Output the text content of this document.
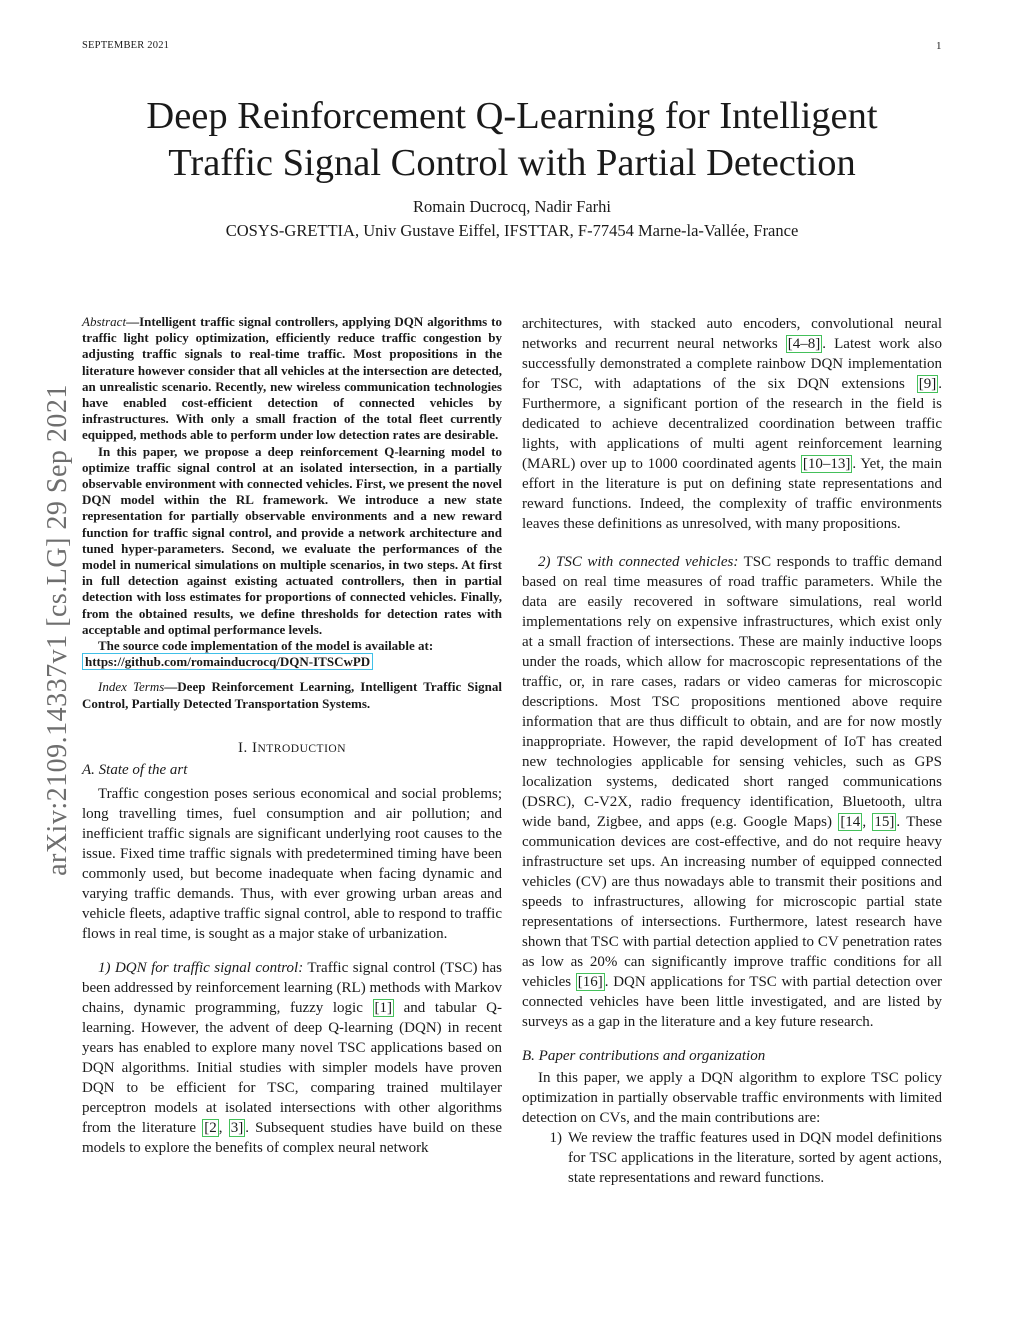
SEPTEMBER 2021	1
arXiv:2109.14337v1 [cs.LG] 29 Sep 2021
Deep Reinforcement Q-Learning for Intelligent
Traffic Signal Control with Partial Detection
Romain Ducrocq, Nadir Farhi
COSYS-GRETTIA, Univ Gustave Eiffel, IFSTTAR, F-77454 Marne-la-Vallée, France

Abstract—Intelligent traffic signal controllers, applying DQN algorithms to traffic light policy optimization, efficiently reduce traffic congestion by adjusting traffic signals to real-time traffic. Most propositions in the literature however consider that all vehicles at the intersection are detected, an unrealistic scenario. Recently, new wireless communication technologies have enabled cost-efficient detection of connected vehicles by infrastructures. With only a small fraction of the total fleet currently equipped, methods able to perform under low detection rates are desirable.

In this paper, we propose a deep reinforcement Q-learning model to optimize traffic signal control at an isolated intersection, in a partially observable environment with connected vehicles. First, we present the novel DQN model within the RL framework. We introduce a new state representation for partially observable environments and a new reward function for traffic signal control, and provide a network architecture and tuned hyper-parameters. Second, we evaluate the performances of the model in numerical simulations on multiple scenarios, in two steps. At first in full detection against existing actuated controllers, then in partial detection with loss estimates for proportions of connected vehicles. Finally, from the obtained results, we define thresholds for detection rates with acceptable and optimal performance levels.

The source code implementation of the model is available at:
https://github.com/romainducrocq/DQN-ITSCwPD

Index Terms—Deep Reinforcement Learning, Intelligent Traffic Signal Control, Partially Detected Transportation Systems.

I. INTRODUCTION

A. State of the art

Traffic congestion poses serious economical and social problems; long travelling times, fuel consumption and air pollution; and inefficient traffic signals are significant underlying root causes to the issue. Fixed time traffic signals with predetermined timing have been commonly used, but become inadequate when facing dynamic and varying traffic demands. Thus, with ever growing urban areas and vehicle fleets, adaptive traffic signal control, able to respond to traffic flows in real time, is sought as a major stake of urbanization.

1) DQN for traffic signal control: Traffic signal control (TSC) has been addressed by reinforcement learning (RL) methods with Markov chains, dynamic programming, fuzzy logic [1] and tabular Q-learning. However, the advent of deep Q-learning (DQN) in recent years has enabled to explore many novel TSC applications based on DQN algorithms. Initial studies with simpler models have proven DQN to be efficient for TSC, comparing trained multilayer perceptron models at isolated intersections with other algorithms from the literature [2 , 3] . Subsequent studies have build on these models to explore the benefits of complex neural network

architectures, with stacked auto encoders, convolutional neural networks and recurrent neural networks [4–8] . Latest work also successfully demonstrated a complete rainbow DQN implementation for TSC, with adaptations of the six DQN extensions [9] . Furthermore, a significant portion of the research in the field is dedicated to achieve decentralized coordination between traffic lights, with applications of multi agent reinforcement learning (MARL) over up to 1000 coordinated agents [10–13] . Yet, the main effort in the literature is put on defining state representations and reward functions. Indeed, the complexity of traffic environments leaves these definitions as unresolved, with many propositions.

2) TSC with connected vehicles: TSC responds to traffic demand based on real time measures of road traffic parameters. While the data are easily recovered in software simulations, real world implementations rely on expensive infrastructures, which exist only at a small fraction of intersections. These are mainly inductive loops under the roads, which allow for macroscopic representations of the traffic, or, in rare cases, radars or video cameras for microscopic descriptions. Most TSC propositions mentioned above require information that are thus difficult to obtain, and are for now mostly inappropriate. However, the rapid development of IoT has created new technologies applicable for sensing vehicles, such as GPS localization systems, dedicated short ranged communications (DSRC), C-V2X, radio frequency identification, Bluetooth, ultra wide band, Zigbee, and apps (e.g. Google Maps) [14 , 15] . These communication devices are cost-effective, and do not require heavy infrastructure set ups. An increasing number of equipped connected vehicles (CV) are thus nowadays able to transmit their positions and speeds to infrastructures, allowing for microscopic partial state representations of intersections. Furthermore, latest research have shown that TSC with partial detection applied to CV penetration rates as low as 20% can significantly improve traffic conditions for all vehicles [16] . DQN applications for TSC with partial detection over connected vehicles have been little investigated, and are listed by surveys as a gap in the literature and a key future research.

B. Paper contributions and organization

In this paper, we apply a DQN algorithm to explore TSC policy optimization in partially observable traffic environments with limited detection on CVs, and the main contributions are:

1) We review the traffic features used in DQN model definitions for TSC applications in the literature, sorted by agent actions, state representations and reward functions.
